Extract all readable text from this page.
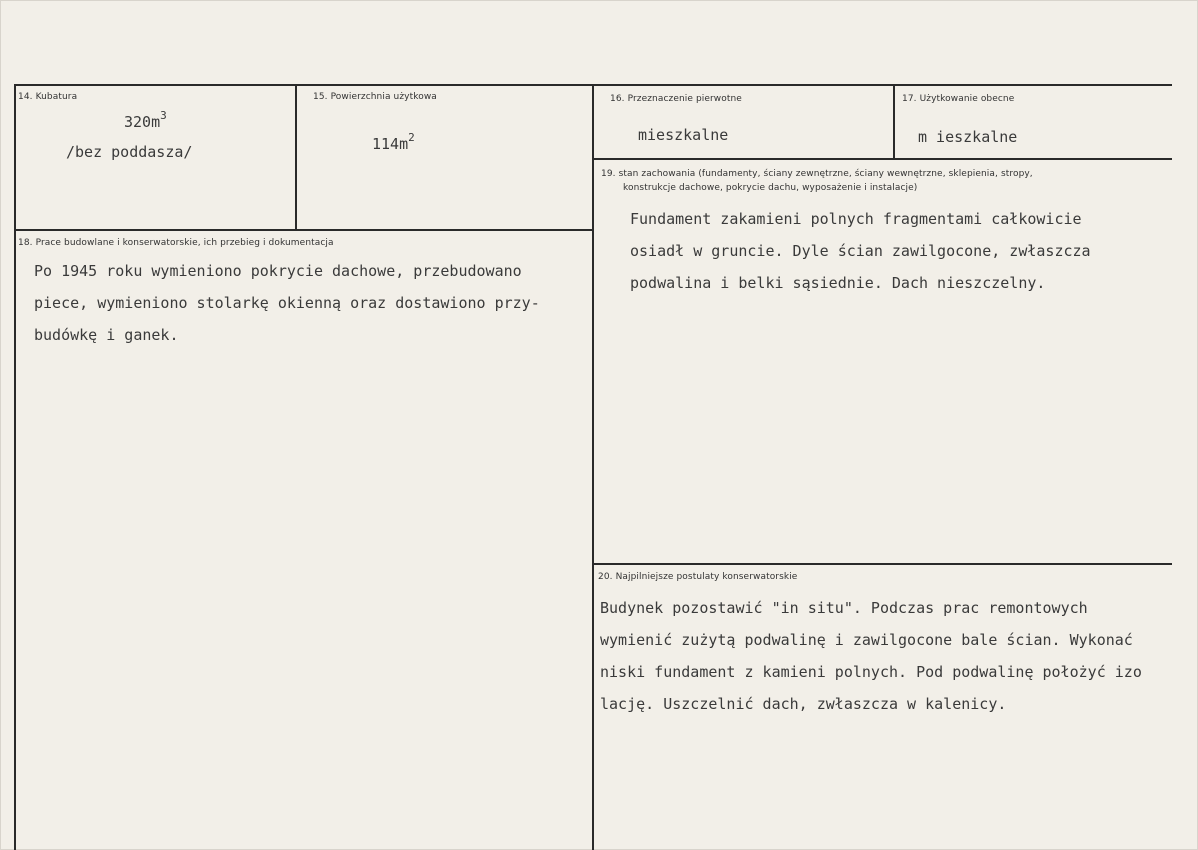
14. Kubatura
$320m^3$
/bez poddasza/
15. Powierzchnia użytkowa
$114m^2$
16. Przeznaczenie pierwotne
mieszkalne
17. Użytkowanie obecne
m ieszkalne
18. Prace budowlane i konserwatorskie, ich przebieg i dokumentacja

Po 1945 roku wymieniono pokrycie dachowe, przebudowano

piece, wymieniono stolarkę okienną oraz dostawiono przy-

budówkę i ganek.

19. stan zachowania (fundamenty, ściany zewnętrzne, ściany wewnętrzne, sklepienia, stropy,
konstrukcje dachowe, pokrycie dachu, wyposażenie i instalacje)

Fundament zakamieni polnych fragmentami całkowicie

osiadł w gruncie. Dyle ścian zawilgocone, zwłaszcza

podwalina i belki sąsiednie. Dach nieszczelny.

20. Najpilniejsze postulaty konserwatorskie

Budynek pozostawić "in situ". Podczas prac remontowych

wymienić zużytą podwalinę i zawilgocone bale ścian. Wykonać

niski fundament z kamieni polnych. Pod podwalinę położyć izo

lację. Uszczelnić dach, zwłaszcza w kalenicy.
